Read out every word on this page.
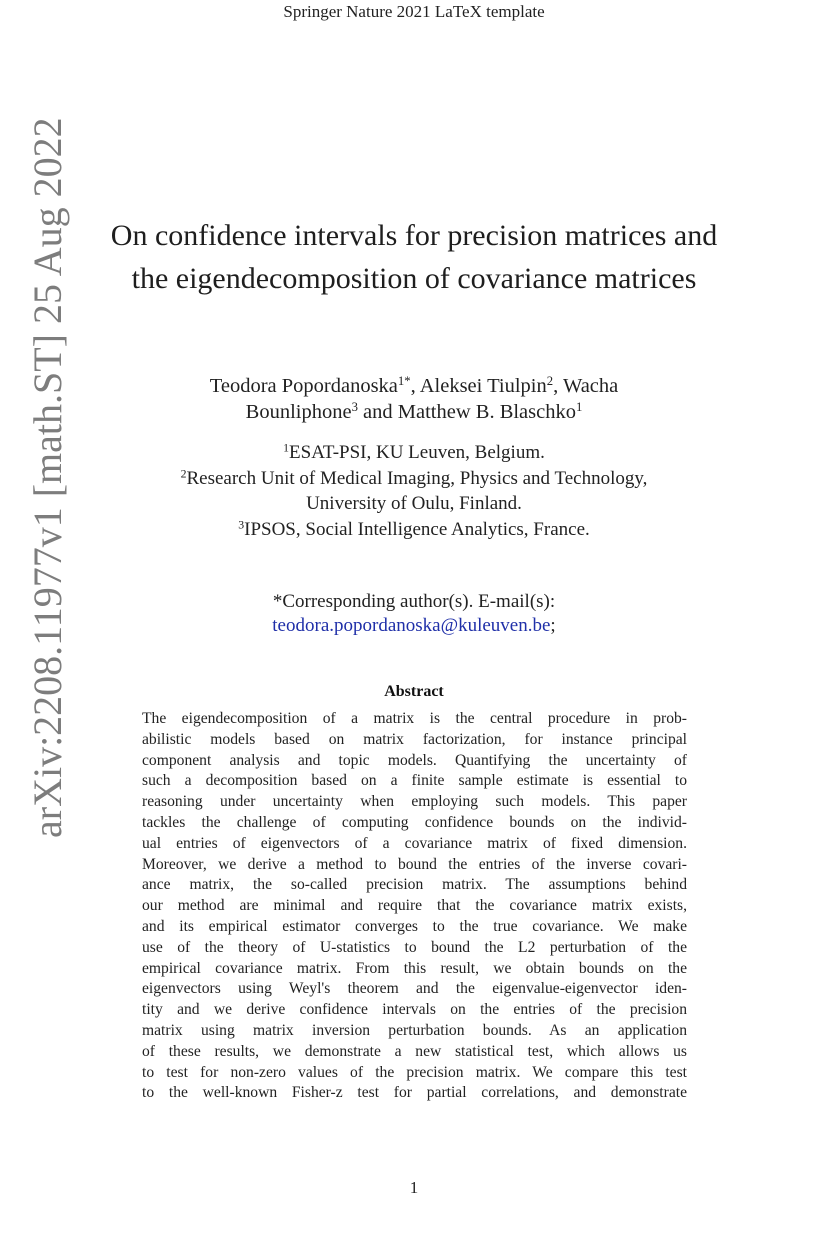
Springer Nature 2021 LaTeX template
arXiv:2208.11977v1 [math.ST] 25 Aug 2022	On confidence intervals for precision matrices and the eigendecomposition of covariance matrices
Teodora Popordanoska$^{1*}$, Aleksei Tiulpin$^2$, Wacha
Bounliphone$^3$ and Matthew B. Blaschko$^1$
$^1$ESAT-PSI, KU Leuven, Belgium.
$^2$Research Unit of Medical Imaging, Physics and Technology,
University of Oulu, Finland.
$^3$IPSOS, Social Intelligence Analytics, France.
*Corresponding author(s). E-mail(s):
teodora.popordanoska@kuleuven.be;
Abstract
The eigendecomposition of a matrix is the central procedure in prob-
abilistic models based on matrix factorization, for instance principal
component analysis and topic models. Quantifying the uncertainty of
such a decomposition based on a finite sample estimate is essential to
reasoning under uncertainty when employing such models. This paper
tackles the challenge of computing confidence bounds on the individ-
ual entries of eigenvectors of a covariance matrix of fixed dimension.
Moreover, we derive a method to bound the entries of the inverse covari-
ance matrix, the so-called precision matrix. The assumptions behind
our method are minimal and require that the covariance matrix exists,
and its empirical estimator converges to the true covariance. We make
use of the theory of U-statistics to bound the L2 perturbation of the
empirical covariance matrix. From this result, we obtain bounds on the
eigenvectors using Weyl's theorem and the eigenvalue-eigenvector iden-
tity and we derive confidence intervals on the entries of the precision
matrix using matrix inversion perturbation bounds. As an application
of these results, we demonstrate a new statistical test, which allows us
to test for non-zero values of the precision matrix. We compare this test
to the well-known Fisher-z test for partial correlations, and demonstrate
1
